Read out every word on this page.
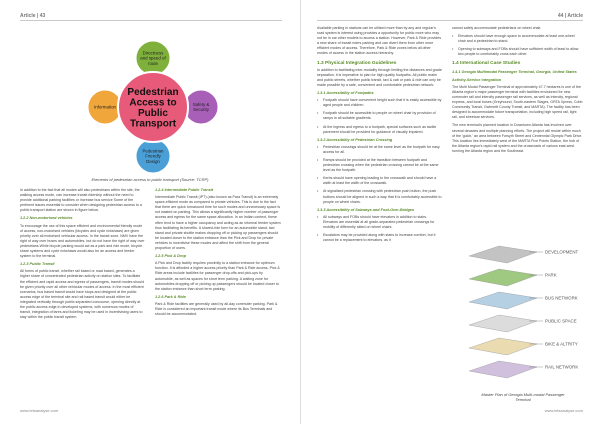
Article | 43
Directness
and speed of
route
Safety &
Security
Pedestrian
Friendly
Design
Information
Pedestrian
Access to
Public
Transport
Elements of pedestrian access to public transport (Source: TCRP)

In addition to the fact that all modes will also pedestrians within the site, the walking access mode, can increase transit ridership without the need to provide additional parking facilities or increase bus service Some of the pertinent issues essential to consider when designing pedestrian access to a public transport station are shown in figure below.

1.2.2 Non-motorised vehicles

To encourage the use of this space efficient and environmental friendly mode of access, non-motorised vehicles (bicycles and cycle rickshaws) are given priority over all motorised vehicular access. In the transit zone, NMV have the right of way over buses and automobiles, but do not have the right of way over pedestrians.While bicycle parking would act as a park and ride mode, bicycle share systems and cycle rickshaws would also be an access and feeder system to the terminal.

1.2.3 Public Transit

All forms of public transit, whether rail based or road based, generates a higher share of concentrated pedestrian activity on station sites. To facilitate the efficient and rapid access and egress of passengers, transit modes should be given priority over all other vehicular modes of access. In the most efficient scenarios, bus based transit would have stops and designed at the public access edge of the terminal site and rail based transit would either be integrated vertically through public separated concourse, opening directly at the public access edge.In developed systems, with numerous modes of transit, integration of fares and ticketing may be used in incentivising users to stay within the public transit system.

1.2.4 Intermediate Public Transit

Intermediate Public Transit (IPT) (also known as Para Transit) is an extremely space-efficient mode as compared to private vehicles. This is due to the fact that there are quick turnaround time for such modes and unnecessary space is not wasted on parking. This allows a significantly higher number of passenger access and egress for the same space allocation. In an Indian context, these often tend to have a higher occupancy and acting as an informal feeder system thus facilitating its benefits. A shared-ride form for an automobile stand, taxi stand and private shuttle makes dropping off or picking up passengers should be located closer to the station entrance than the Pick and Drop for private vehicles to incentivise these modes and affect the shift from the general proportion of users.

1.2.5 Pick & Drop

A Pick and Drop facility requires proximity to a station entrance for optimum function. It is afforded a higher access priority than Park & Ride access. Pick & Ride areas include facilities for passenger drop-offs and pick-ups by automobile, as well as spaces for short term parking. A waiting zone for automobiles dropping off or picking up passengers should be located closer to the station entrance than short term parking.

1.2.6 Park & Ride

Park & Ride facilities are generally used by all-day commuter parking. Park & Ride is considered an important transit mode where its Bus Terminals and should be accommodated.

www.letsanalyse.com
44 | Article

Available parking in stations can be utilised more than by any and regular's road system is interest using provides a opportunity for public more who may not be in car other models to access a station. However, Park & Ride provides a new share of transit riders parking and can divert them from other more efficient modes of access. Therefore, Park & Ride zones below all other modes of access in the station access hierarchy.

1.3 Physical Integration Guidelines

In addition to facilitating inter-modality through limiting the distances and grade separation, it is imperative to plan for high quality footpaths. All public realm and public streets, whether public transit, taxi & cab or park & ride can only be made possible by a safe, convenient and comfortable pedestrian network.

1.3.1 Accessibility of Footpaths
• Footpath should have convenient height such that it is easily accessible by aged people and children.
• Footpath should be accessible to people on wheel chair by provision of ramps in all suitable gradients.
• At the ingress and egress to a footpath, special surfaces such as tactile pavement should be provided for guidance of visually impaired.
1.3.2 Accessibility of Pedestrian Crossing
• Pedestrian crossings should be at the same level as the footpath for easy access for all.
• Ramps should be provided at the transition between footpath and pedestrian crossing when the pedestrian crossing cannot be at the same level as the footpath.
• Kerbs should have opening leading to the crosswalk and should have a width at least the width of the crosswalk.
• At signalised pedestrian crossing with pedestrian push button, the push buttons should be aligned in such a way that it is comfortably accessible to people on wheel chairs.
1.3.3 Accessibility of Subways and Foot-Over-Bridges
• All subways and FOBs should have elevators in addition to stairs. Elevators are essential at all grade-separated pedestrian crossings for mobility of differently abled on wheel chairs.
• Escalators may be provided along with stairs to increase comfort, but it cannot be a replacement to elevators, as it

cannot safely accommodate pedestrians on wheel chair.

• Elevators should have enough space to accommodate at least one-wheel chair and a pedestrian to stand.
• Opening to subways and FOBs should have sufficient width of least to allow two people to comfortably cross each other.
1.4 International Case Studies
1.4.1 Georgia Multimodal Passenger Terminal, Georgia, United States
Activity-Service Integration

The Multi Modal Passenger Terminal of approximately 47.7 hectares is one of the Atlanta region's major passenger terminal with facilities envisioned for new commuter rail and intercity passenger rail services, as well as intercity, regional express, and local buses (Greyhound, South-eastern Stages, GRTA Xpress, Cobb Community Transit, Gwinnett County Transit, and MARTA). The facility has been designed to accommodate future transportation, including high speed rail, light rail, and streetcar services.

The new terminal's planned location in Downtown Atlanta has involved over several decades and multiple planning efforts. The project will reside within much of the 'gulch,' an area between Forsyth Street and Centennial Olympic Park Drive. This location lies immediately west of the MARTA Five Points Station, the hub of the Atlanta region's rapid rail system and the crossroads of various east-west running the Atlanta region and the Southeast.

DEVELOPMENT
PARK
BUS NETWORK
PUBLIC SPACE
BIKE & ALTRITY
RAIL NETWORK
Master Plan of Georgia Multi-modal Passenger
Terminal
www.letsanalyse.com
